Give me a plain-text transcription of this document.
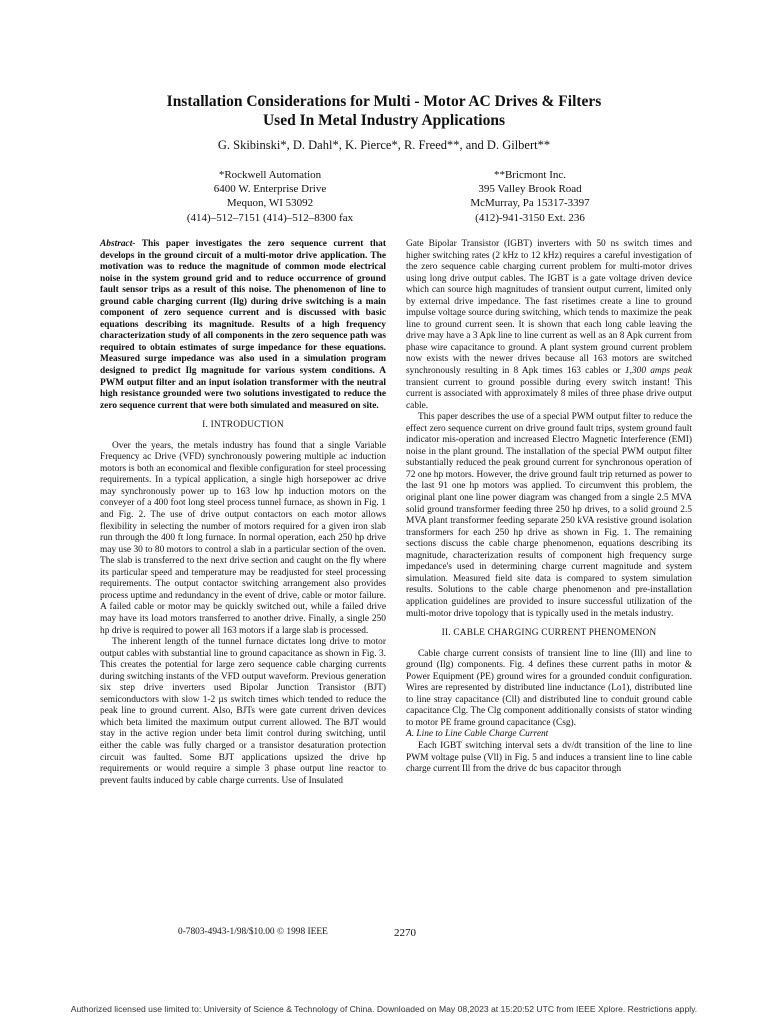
Installation Considerations for Multi - Motor AC Drives & Filters
Used In Metal Industry Applications
G. Skibinski*, D. Dahl*, K. Pierce*, R. Freed**, and D. Gilbert**
*Rockwell Automation
6400 W. Enterprise Drive
Mequon, WI 53092
(414)–512–7151 (414)–512–8300 fax
**Bricmont Inc.
395 Valley Brook Road
McMurray, Pa 15317-3397
(412)-941-3150 Ext. 236

Abstract- This paper investigates the zero sequence current that develops in the ground circuit of a multi-motor drive application. The motivation was to reduce the magnitude of common mode electrical noise in the system ground grid and to reduce occurrence of ground fault sensor trips as a result of this noise. The phenomenon of line to ground cable charging current (Ilg) during drive switching is a main component of zero sequence current and is discussed with basic equations describing its magnitude. Results of a high frequency characterization study of all components in the zero sequence path was required to obtain estimates of surge impedance for these equations. Measured surge impedance was also used in a simulation program designed to predict Ilg magnitude for various system conditions. A PWM output filter and an input isolation transformer with the neutral high resistance grounded were two solutions investigated to reduce the zero sequence current that were both simulated and measured on site.

I. INTRODUCTION

Over the years, the metals industry has found that a single Variable Frequency ac Drive (VFD) synchronously powering multiple ac induction motors is both an economical and flexible configuration for steel processing requirements. In a typical application, a single high horsepower ac drive may synchronously power up to 163 low hp induction motors on the conveyer of a 400 foot long steel process tunnel furnace, as shown in Fig. 1 and Fig. 2. The use of drive output contactors on each motor allows flexibility in selecting the number of motors required for a given iron slab run through the 400 ft long furnace. In normal operation, each 250 hp drive may use 30 to 80 motors to control a slab in a particular section of the oven. The slab is transferred to the next drive section and caught on the fly where its particular speed and temperature may be readjusted for steel processing requirements. The output contactor switching arrangement also provides process uptime and redundancy in the event of drive, cable or motor failure. A failed cable or motor may be quickly switched out, while a failed drive may have its load motors transferred to another drive. Finally, a single 250 hp drive is required to power all 163 motors if a large slab is processed.

The inherent length of the tunnel furnace dictates long drive to motor output cables with substantial line to ground capacitance as shown in Fig. 3. This creates the potential for large zero sequence cable charging currents during switching instants of the VFD output waveform. Previous generation six step drive inverters used Bipolar Junction Transistor (BJT) semiconductors with slow 1-2 µs switch times which tended to reduce the peak line to ground current. Also, BJTs were gate current driven devices which beta limited the maximum output current allowed. The BJT would stay in the active region under beta limit control during switching, until either the cable was fully charged or a transistor desaturation protection circuit was faulted. Some BJT applications upsized the drive hp requirements or would require a simple 3 phase output line reactor to prevent faults induced by cable charge currents. Use of Insulated

Gate Bipolar Transistor (IGBT) inverters with 50 ns switch times and higher switching rates (2 kHz to 12 kHz) requires a careful investigation of the zero sequence cable charging current problem for multi-motor drives using long drive output cables. The IGBT is a gate voltage driven device which can source high magnitudes of transient output current, limited only by external drive impedance. The fast risetimes create a line to ground impulse voltage source during switching, which tends to maximize the peak line to ground current seen. It is shown that each long cable leaving the drive may have a 3 Apk line to line current as well as an 8 Apk current from phase wire capacitance to ground. A plant system ground current problem now exists with the newer drives because all 163 motors are switched synchronously resulting in 8 Apk times 163 cables or 1,300 amps peak transient current to ground possible during every switch instant! This current is associated with approximately 8 miles of three phase drive output cable.

This paper describes the use of a special PWM output filter to reduce the effect zero sequence current on drive ground fault trips, system ground fault indicator mis-operation and increased Electro Magnetic Interference (EMI) noise in the plant ground. The installation of the special PWM output filter substantially reduced the peak ground current for synchronous operation of 72 one hp motors. However, the drive ground fault trip returned as power to the last 91 one hp motors was applied. To circumvent this problem, the original plant one line power diagram was changed from a single 2.5 MVA solid ground transformer feeding three 250 hp drives, to a solid ground 2.5 MVA plant transformer feeding separate 250 kVA resistive ground isolation transformers for each 250 hp drive as shown in Fig. 1. The remaining sections discuss the cable charge phenomenon, equations describing its magnitude, characterization results of component high frequency surge impedance's used in determining charge current magnitude and system simulation. Measured field site data is compared to system simulation results. Solutions to the cable charge phenomenon and pre-installation application guidelines are provided to insure successful utilization of the multi-motor drive topology that is typically used in the metals industry.

II. CABLE CHARGING CURRENT PHENOMENON

Cable charge current consists of transient line to line (Ill) and line to ground (Ilg) components. Fig. 4 defines these current paths in motor & Power Equipment (PE) ground wires for a grounded conduit configuration. Wires are represented by distributed line inductance (Lo1), distributed line to line stray capacitance (Cll) and distributed line to conduit ground cable capacitance Clg. The Clg component additionally consists of stator winding to motor PE frame ground capacitance (Csg).

A. Line to Line Cable Charge Current

Each IGBT switching interval sets a dv/dt transition of the line to line PWM voltage pulse (Vll) in Fig. 5 and induces a transient line to line cable charge current Ill from the drive dc bus capacitor through

0-7803-4943-1/98/$10.00 © 1998 IEEE	2270
Authorized licensed use limited to: University of Science & Technology of China. Downloaded on May 08,2023 at 15:20:52 UTC from IEEE Xplore. Restrictions apply.
